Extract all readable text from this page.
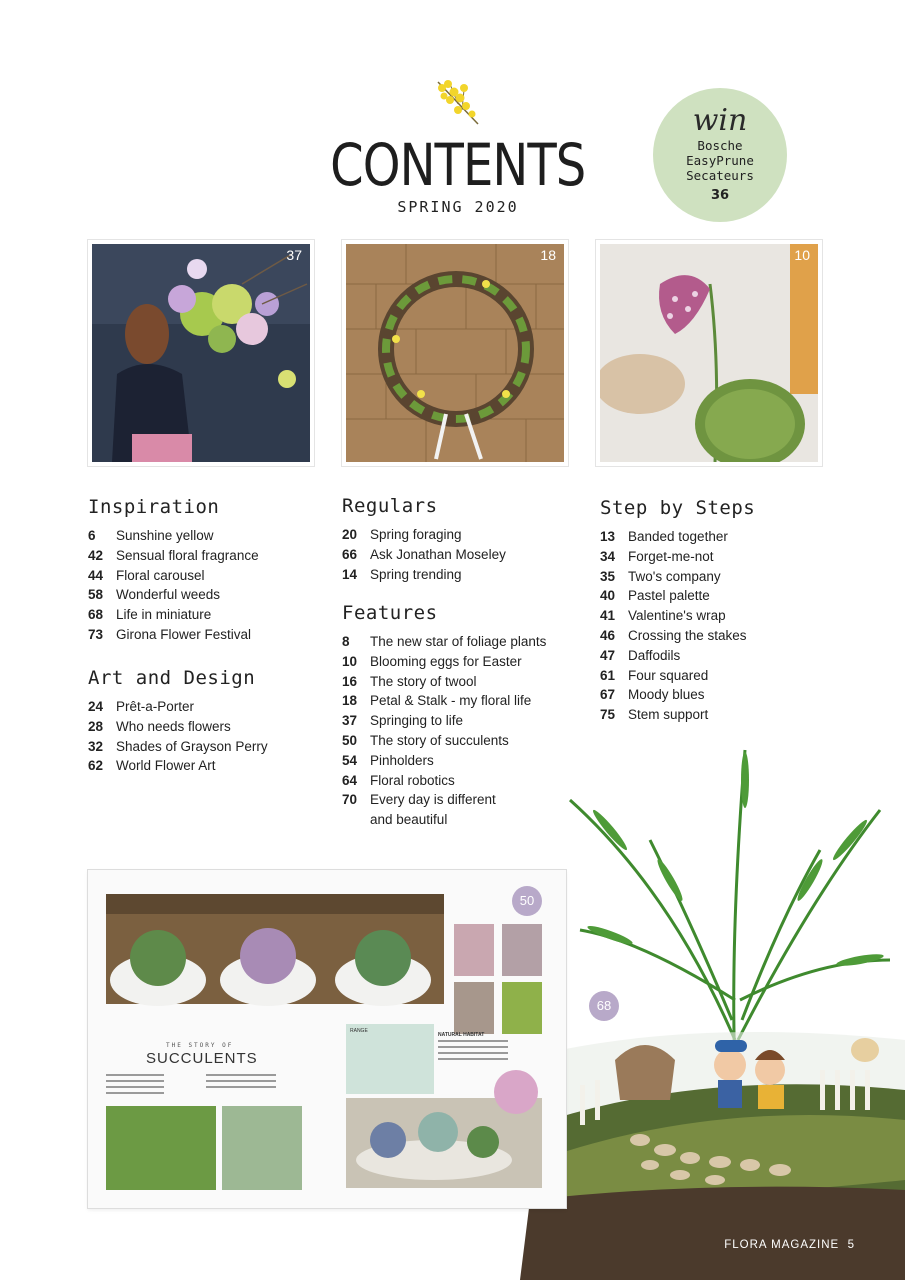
CONTENTS
SPRING 2020
win
Bosche
EasyPrune
Secateurs
36
37	18	10
Inspiration
6	Sunshine yellow
42 Sensual floral fragrance
44 Floral carousel
58 Wonderful weeds
68 Life in miniature
73 Girona Flower Festival
Art and Design
24 Prêt-a-Porter
28 Who needs flowers
32 Shades of Grayson Perry
62 World Flower Art
Regulars
20 Spring foraging
66 Ask Jonathan Moseley
14 Spring trending
Features
8	The new star of foliage plants
10 Blooming eggs for Easter
16 The story of twool
18 Petal & Stalk - my floral life
37 Springing to life
50 The story of succulents
54 Pinholders
64 Floral robotics
70 Every day is different and beautiful
Step by Steps
13 Banded together
34 Forget-me-not
35 Two's company
40 Pastel palette
41 Valentine's wrap
46 Crossing the stakes
47 Daffodils
61 Four squared
67 Moody blues
75 Stem support
68
50
THE STORY OF
SUCCULENTS
RANGE
NATURAL HABITAT
FLORA MAGAZINE 5
